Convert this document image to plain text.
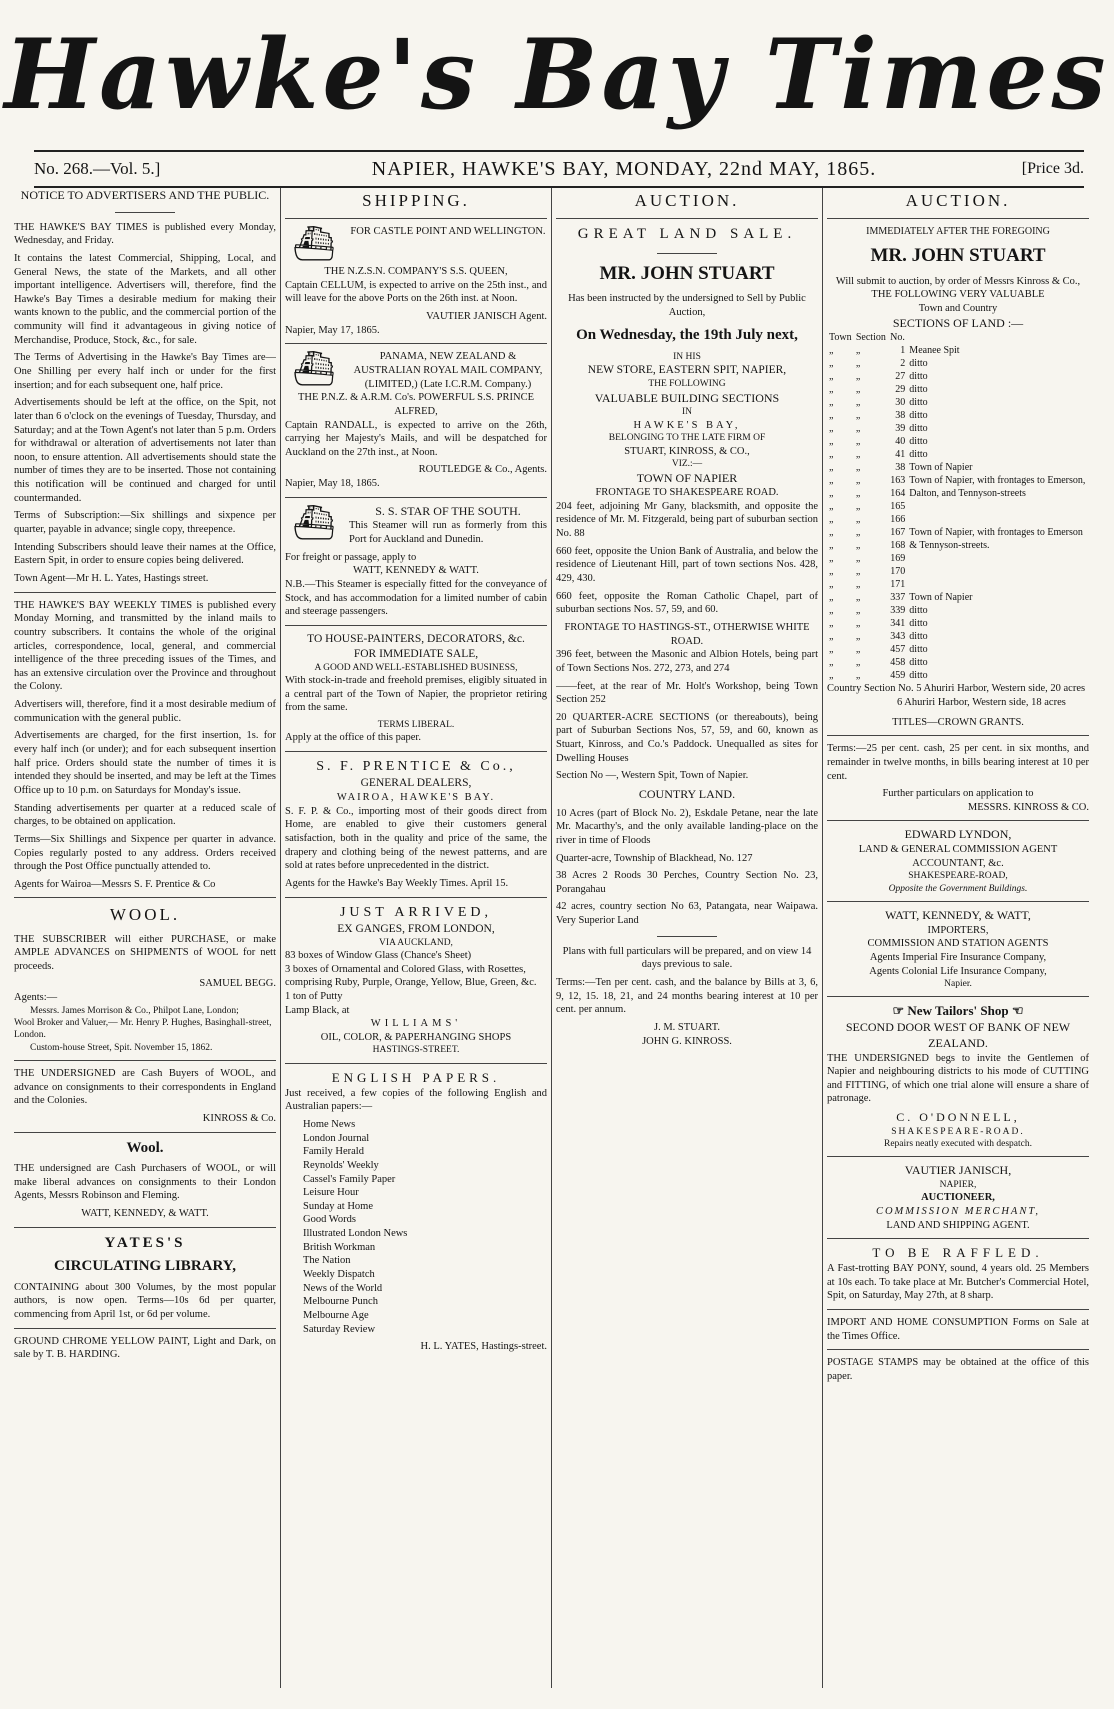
Hawke's Bay Times
No. 268.—Vol. 5.]	NAPIER, HAWKE'S BAY, MONDAY, 22nd MAY, 1865.	[Price 3d.
NOTICE TO ADVERTISERS AND THE PUBLIC.

THE HAWKE'S BAY TIMES is published every Monday, Wednesday, and Friday.

It contains the latest Commercial, Shipping, Local, and General News, the state of the Markets, and all other important intelligence. Advertisers will, therefore, find the Hawke's Bay Times a desirable medium for making their wants known to the public, and the commercial portion of the community will find it advantageous in giving notice of Merchandise, Produce, Stock, &c., for sale.

The Terms of Advertising in the Hawke's Bay Times are—One Shilling per every half inch or under for the first insertion; and for each subsequent one, half price.

Advertisements should be left at the office, on the Spit, not later than 6 o'clock on the evenings of Tuesday, Thursday, and Saturday; and at the Town Agent's not later than 5 p.m. Orders for withdrawal or alteration of advertisements not later than noon, to ensure attention. All advertisements should state the number of times they are to be inserted. Those not containing this notification will be continued and charged for until countermanded.

Terms of Subscription:—Six shillings and sixpence per quarter, payable in advance; single copy, threepence.

Intending Subscribers should leave their names at the Office, Eastern Spit, in order to ensure copies being delivered.

Town Agent—Mr H. L. Yates, Hastings street.

THE HAWKE'S BAY WEEKLY TIMES is published every Monday Morning, and transmitted by the inland mails to country subscribers. It contains the whole of the original articles, correspondence, local, general, and commercial intelligence of the three preceding issues of the Times, and has an extensive circulation over the Province and throughout the Colony.

Advertisers will, therefore, find it a most desirable medium of communication with the general public.

Advertisements are charged, for the first insertion, 1s. for every half inch (or under); and for each subsequent insertion half price. Orders should state the number of times it is intended they should be inserted, and may be left at the Times Office up to 10 p.m. on Saturdays for Monday's issue.

Standing advertisements per quarter at a reduced scale of charges, to be obtained on application.

Terms—Six Shillings and Sixpence per quarter in advance. Copies regularly posted to any address. Orders received through the Post Office punctually attended to.

Agents for Wairoa—Messrs S. F. Prentice & Co

WOOL.

THE SUBSCRIBER will either PURCHASE, or make AMPLE ADVANCES on SHIPMENTS of WOOL for nett proceeds.

SAMUEL BEGG.
Agents:—
Messrs. James Morrison & Co., Philpot Lane, London;
Wool Broker and Valuer,— Mr. Henry P. Hughes, Basinghall-street, London.
Custom-house Street, Spit. November 15, 1862.

THE UNDERSIGNED are Cash Buyers of WOOL, and advance on consignments to their correspondents in England and the Colonies.

KINROSS & Co.
Wool.

THE undersigned are Cash Purchasers of WOOL, or will make liberal advances on consignments to their London Agents, Messrs Robinson and Fleming.

WATT, KENNEDY, & WATT.
YATES'S
CIRCULATING LIBRARY,

CONTAINING about 300 Volumes, by the most popular authors, is now open. Terms—10s 6d per quarter, commencing from April 1st, or 6d per volume.

GROUND CHROME YELLOW PAINT, Light and Dark, on sale by T. B. HARDING.

SHIPPING.
⛴	FOR CASTLE POINT AND WELLINGTON.
THE N.Z.S.N. COMPANY'S S.S. QUEEN,

Captain CELLUM, is expected to arrive on the 25th inst., and will leave for the above Ports on the 26th inst. at Noon.

VAUTIER JANISCH Agent.
Napier, May 17, 1865.
⛴	PANAMA, NEW ZEALAND & AUSTRALIAN ROYAL MAIL COMPANY, (LIMITED,) (Late I.C.R.M. Company.)
THE P.N.Z. & A.R.M. Co's. POWERFUL S.S. PRINCE ALFRED,

Captain RANDALL, is expected to arrive on the 26th, carrying her Majesty's Mails, and will be despatched for Auckland on the 27th inst., at Noon.

ROUTLEDGE & Co., Agents.
Napier, May 18, 1865.
⛴	S. S. STAR OF THE SOUTH.

This Steamer will run as formerly from this Port for Auckland and Dunedin.

For freight or passage, apply to
WATT, KENNEDY & WATT.

N.B.—This Steamer is especially fitted for the conveyance of Stock, and has accommodation for a limited number of cabin and steerage passengers.

TO HOUSE-PAINTERS, DECORATORS, &c.
FOR IMMEDIATE SALE,
A GOOD AND WELL-ESTABLISHED BUSINESS,

With stock-in-trade and freehold premises, eligibly situated in a central part of the Town of Napier, the proprietor retiring from the same.

TERMS LIBERAL.
Apply at the office of this paper.
S. F. PRENTICE & Co.,
GENERAL DEALERS,
WAIROA, HAWKE'S BAY.

S. F. P. & Co., importing most of their goods direct from Home, are enabled to give their customers general satisfaction, both in the quality and price of the same, the drapery and clothing being of the newest patterns, and are sold at rates before unprecedented in the district.

Agents for the Hawke's Bay Weekly Times. April 15.
JUST ARRIVED,
EX GANGES, FROM LONDON,
VIA AUCKLAND,
83 boxes of Window Glass (Chance's Sheet)
3 boxes of Ornamental and Colored Glass, with Rosettes, comprising Ruby, Purple, Orange, Yellow, Blue, Green, &c.
1 ton of Putty
Lamp Black, at
WILLIAMS'
OIL, COLOR, & PAPERHANGING SHOPS
HASTINGS-STREET.
ENGLISH PAPERS.

Just received, a few copies of the following English and Australian papers:—

Home News
London Journal
Family Herald
Reynolds' Weekly
Cassel's Family Paper
Leisure Hour
Sunday at Home
Good Words
Illustrated London News
British Workman
The Nation
Weekly Dispatch
News of the World
Melbourne Punch
Melbourne Age
Saturday Review
H. L. YATES, Hastings-street.
AUCTION.
GREAT LAND SALE.
MR. JOHN STUART
Has been instructed by the undersigned to Sell by Public Auction,
On Wednesday, the 19th July next,
IN HIS
NEW STORE, EASTERN SPIT, NAPIER,
THE FOLLOWING
VALUABLE BUILDING SECTIONS
IN
HAWKE'S BAY,
BELONGING TO THE LATE FIRM OF
STUART, KINROSS, & CO.,
VIZ.:—
TOWN OF NAPIER
FRONTAGE TO SHAKESPEARE ROAD.

204 feet, adjoining Mr Gany, blacksmith, and opposite the residence of Mr. M. Fitzgerald, being part of suburban section No. 88

660 feet, opposite the Union Bank of Australia, and below the residence of Lieutenant Hill, part of town sections Nos. 428, 429, 430.

660 feet, opposite the Roman Catholic Chapel, part of suburban sections Nos. 57, 59, and 60.

FRONTAGE TO HASTINGS-ST., OTHERWISE WHITE ROAD.

396 feet, between the Masonic and Albion Hotels, being part of Town Sections Nos. 272, 273, and 274

——feet, at the rear of Mr. Holt's Workshop, being Town Section 252

20 QUARTER-ACRE SECTIONS (or thereabouts), being part of Suburban Sections Nos, 57, 59, and 60, known as Stuart, Kinross, and Co.'s Paddock. Unequalled as sites for Dwelling Houses

Section No —, Western Spit, Town of Napier.

COUNTRY LAND.

10 Acres (part of Block No. 2), Eskdale Petane, near the late Mr. Macarthy's, and the only available landing-place on the river in time of Floods

Quarter-acre, Township of Blackhead, No. 127

38 Acres 2 Roods 30 Perches, Country Section No. 23, Porangahau

42 acres, country section No 63, Patangata, near Waipawa. Very Superior Land

Plans with full particulars will be prepared, and on view 14 days previous to sale.

Terms:—Ten per cent. cash, and the balance by Bills at 3, 6, 9, 12, 15. 18, 21, and 24 months bearing interest at 10 per cent. per annum.

J. M. STUART.
JOHN G. KINROSS.
AUCTION.
IMMEDIATELY AFTER THE FOREGOING
MR. JOHN STUART
Will submit to auction, by order of Messrs Kinross & Co.,
THE FOLLOWING VERY VALUABLE
Town and Country
SECTIONS OF LAND :—
Town	Section	No.	
„	„	1	Meanee Spit
„	„	2	ditto
„	„	27	ditto
„	„	29	ditto
„	„	30	ditto
„	„	38	ditto
„	„	39	ditto
„	„	40	ditto
„	„	41	ditto
„	„	38	Town of Napier
„	„	163	Town of Napier, with frontages to Emerson,
„	„	164	Dalton, and Tennyson-streets
„	„	165	
„	„	166	
„	„	167	Town of Napier, with frontages to Emerson
„	„	168	& Tennyson-streets.
„	„	169	
„	„	170	
„	„	171	
„	„	337	Town of Napier
„	„	339	ditto
„	„	341	ditto
„	„	343	ditto
„	„	457	ditto
„	„	458	ditto
„	„	459	ditto
Country Section No. 5 Ahuriri Harbor, Western side, 20 acres
6 Ahuriri Harbor, Western side, 18 acres
TITLES—CROWN GRANTS.

Terms:—25 per cent. cash, 25 per cent. in six months, and remainder in twelve months, in bills bearing interest at 10 per cent.

Further particulars on application to
MESSRS. KINROSS & CO.
EDWARD LYNDON,
LAND & GENERAL COMMISSION AGENT
ACCOUNTANT, &c.
SHAKESPEARE-ROAD,
Opposite the Government Buildings.
WATT, KENNEDY, & WATT,
IMPORTERS,
COMMISSION AND STATION AGENTS
Agents Imperial Fire Insurance Company,
Agents Colonial Life Insurance Company,
Napier.
☞ New Tailors' Shop ☜
SECOND DOOR WEST OF BANK OF NEW ZEALAND.

THE UNDERSIGNED begs to invite the Gentlemen of Napier and neighbouring districts to his mode of CUTTING and FITTING, of which one trial alone will ensure a share of patronage.

C. O'DONNELL,
SHAKESPEARE-ROAD.
Repairs neatly executed with despatch.
VAUTIER JANISCH,
NAPIER,
AUCTIONEER,
COMMISSION MERCHANT,
LAND AND SHIPPING AGENT.
TO BE RAFFLED.

A Fast-trotting BAY PONY, sound, 4 years old. 25 Members at 10s each. To take place at Mr. Butcher's Commercial Hotel, Spit, on Saturday, May 27th, at 8 sharp.

IMPORT AND HOME CONSUMPTION Forms on Sale at the Times Office.

POSTAGE STAMPS may be obtained at the office of this paper.
